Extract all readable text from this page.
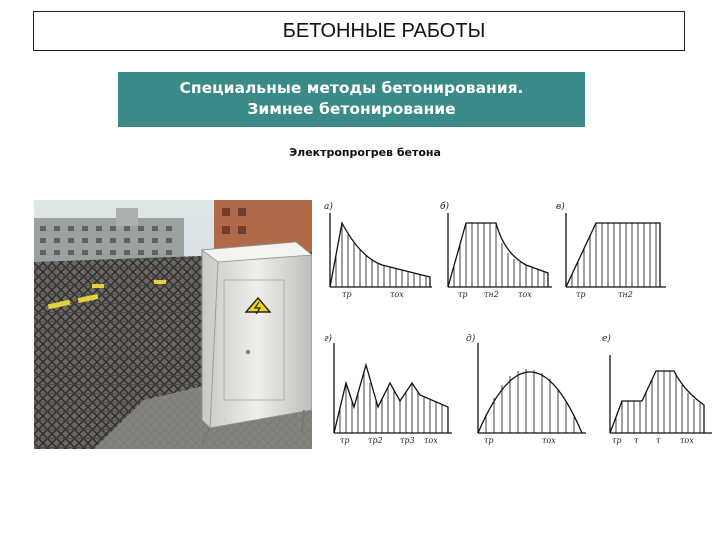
БЕТОННЫЕ РАБОТЫ
Специальные методы бетонирования.
Зимнее бетонирование
Электропрогрев бетона
а)	б)	в)
г)	д)	е)
τр	τох	τр τн2 τох	τр	τн2
τр τр2 τр3 τох	τр	τох	τр τ τ τох
